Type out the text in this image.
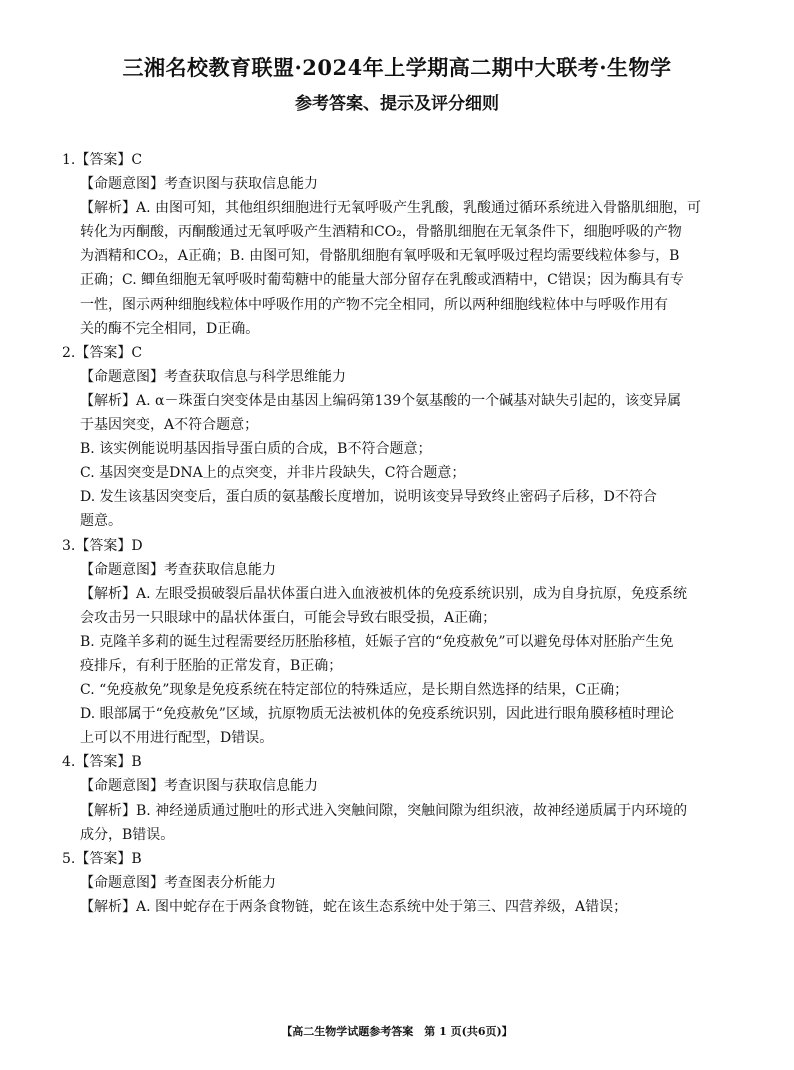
三湘名校教育联盟·2024年上学期高二期中大联考·生物学
参考答案、提示及评分细则
1.【答案】C
【命题意图】考查识图与获取信息能力
【解析】A. 由图可知，其他组织细胞进行无氧呼吸产生乳酸，乳酸通过循环系统进入骨骼肌细胞，可
转化为丙酮酸，丙酮酸通过无氧呼吸产生酒精和CO₂，骨骼肌细胞在无氧条件下，细胞呼吸的产物
为酒精和CO₂，A正确；B. 由图可知，骨骼肌细胞有氧呼吸和无氧呼吸过程均需要线粒体参与，B
正确；C. 鲫鱼细胞无氧呼吸时葡萄糖中的能量大部分留存在乳酸或酒精中，C错误；因为酶具有专
一性，图示两种细胞线粒体中呼吸作用的产物不完全相同，所以两种细胞线粒体中与呼吸作用有
关的酶不完全相同，D正确。
2.【答案】C
【命题意图】考查获取信息与科学思维能力
【解析】A. α－珠蛋白突变体是由基因上编码第139个氨基酸的一个碱基对缺失引起的，该变异属
于基因突变，A不符合题意；
B. 该实例能说明基因指导蛋白质的合成，B不符合题意；
C. 基因突变是DNA上的点突变，并非片段缺失，C符合题意；
D. 发生该基因突变后，蛋白质的氨基酸长度增加，说明该变异导致终止密码子后移，D不符合
题意。
3.【答案】D
【命题意图】考查获取信息能力
【解析】A. 左眼受损破裂后晶状体蛋白进入血液被机体的免疫系统识别，成为自身抗原，免疫系统
会攻击另一只眼球中的晶状体蛋白，可能会导致右眼受损，A正确；
B. 克隆羊多莉的诞生过程需要经历胚胎移植，妊娠子宫的“免疫赦免”可以避免母体对胚胎产生免
疫排斥，有利于胚胎的正常发育，B正确；
C. “免疫赦免”现象是免疫系统在特定部位的特殊适应，是长期自然选择的结果，C正确；
D. 眼部属于“免疫赦免”区域，抗原物质无法被机体的免疫系统识别，因此进行眼角膜移植时理论
上可以不用进行配型，D错误。
4.【答案】B
【命题意图】考查识图与获取信息能力
【解析】B. 神经递质通过胞吐的形式进入突触间隙，突触间隙为组织液，故神经递质属于内环境的
成分，B错误。
5.【答案】B
【命题意图】考查图表分析能力
【解析】A. 图中蛇存在于两条食物链，蛇在该生态系统中处于第三、四营养级，A错误；
【高二生物学试题参考答案　第 1 页(共6页)】
